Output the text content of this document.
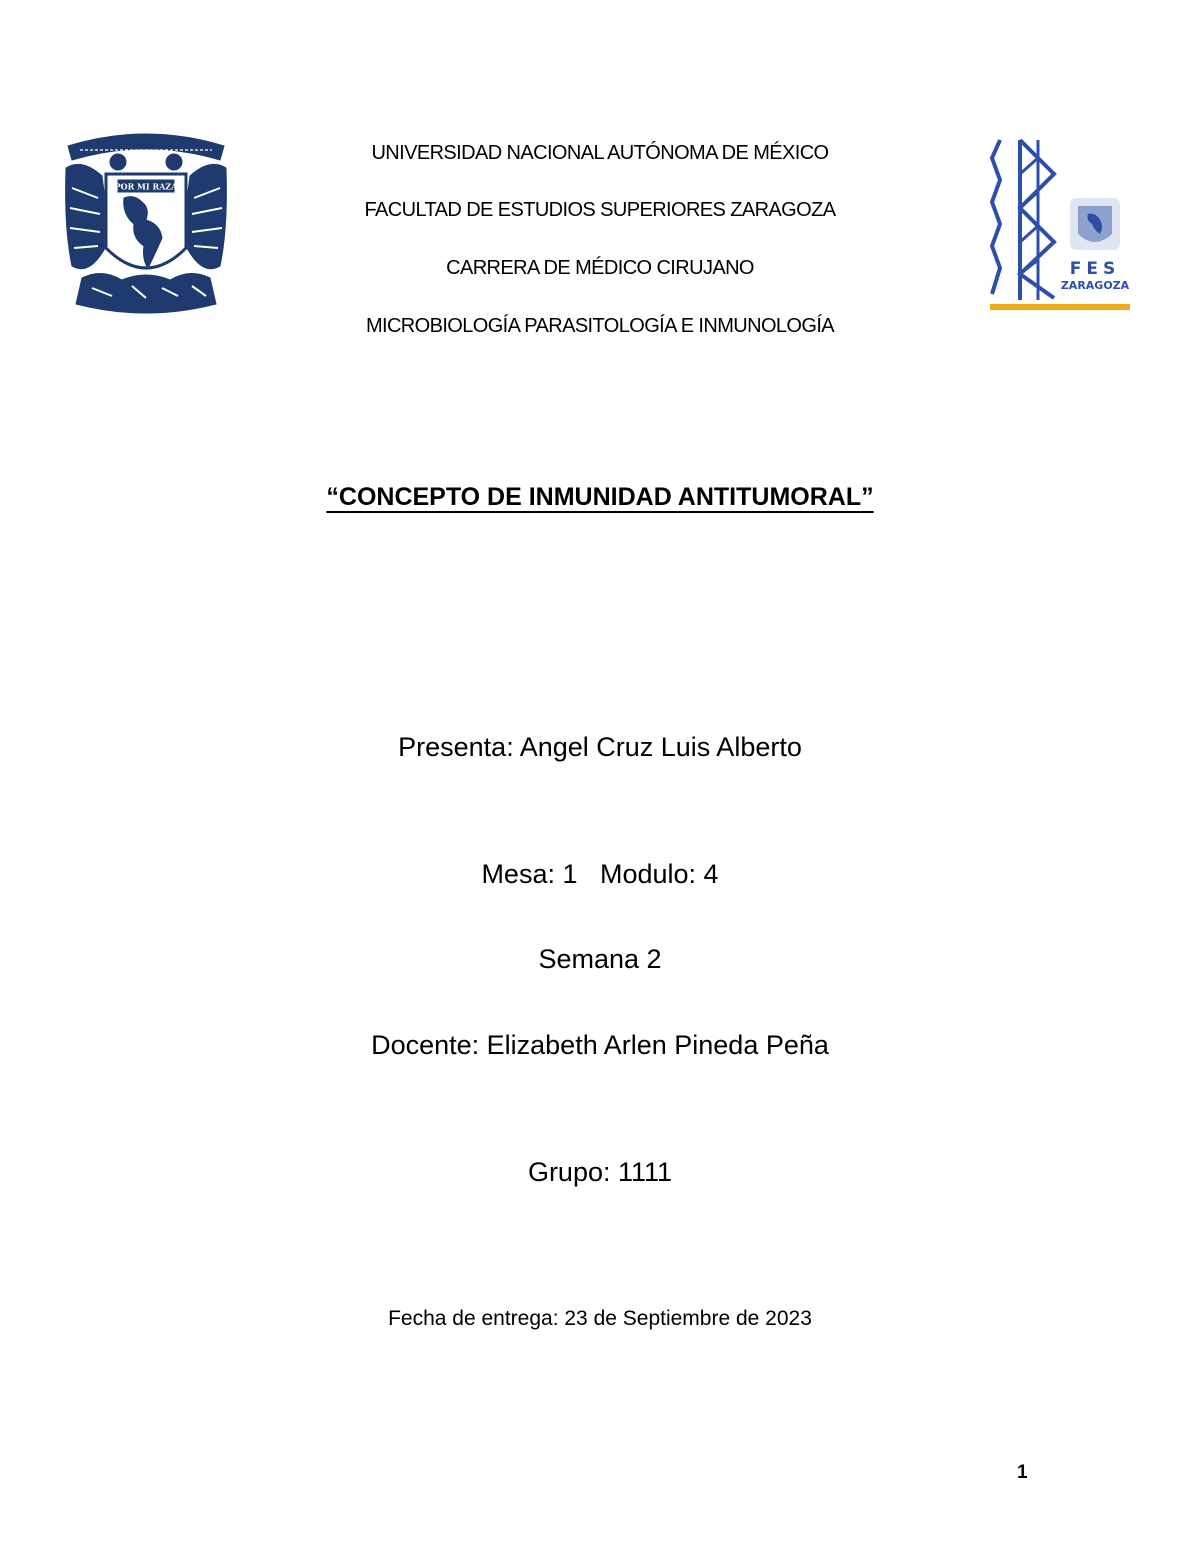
POR MI RAZA
UNIVERSIDAD NACIONAL AUTÓNOMA DE MÉXICO
FACULTAD DE ESTUDIOS SUPERIORES ZARAGOZA
CARRERA DE MÉDICO CIRUJANO
MICROBIOLOGÍA PARASITOLOGÍA E INMUNOLOGÍA
FES
ZARAGOZA
“CONCEPTO DE INMUNIDAD ANTITUMORAL”
Presenta: Angel Cruz Luis Alberto
Mesa: 1   Modulo: 4
Semana 2
Docente: Elizabeth Arlen Pineda Peña
Grupo: 1111
Fecha de entrega: 23 de Septiembre de 2023
1
